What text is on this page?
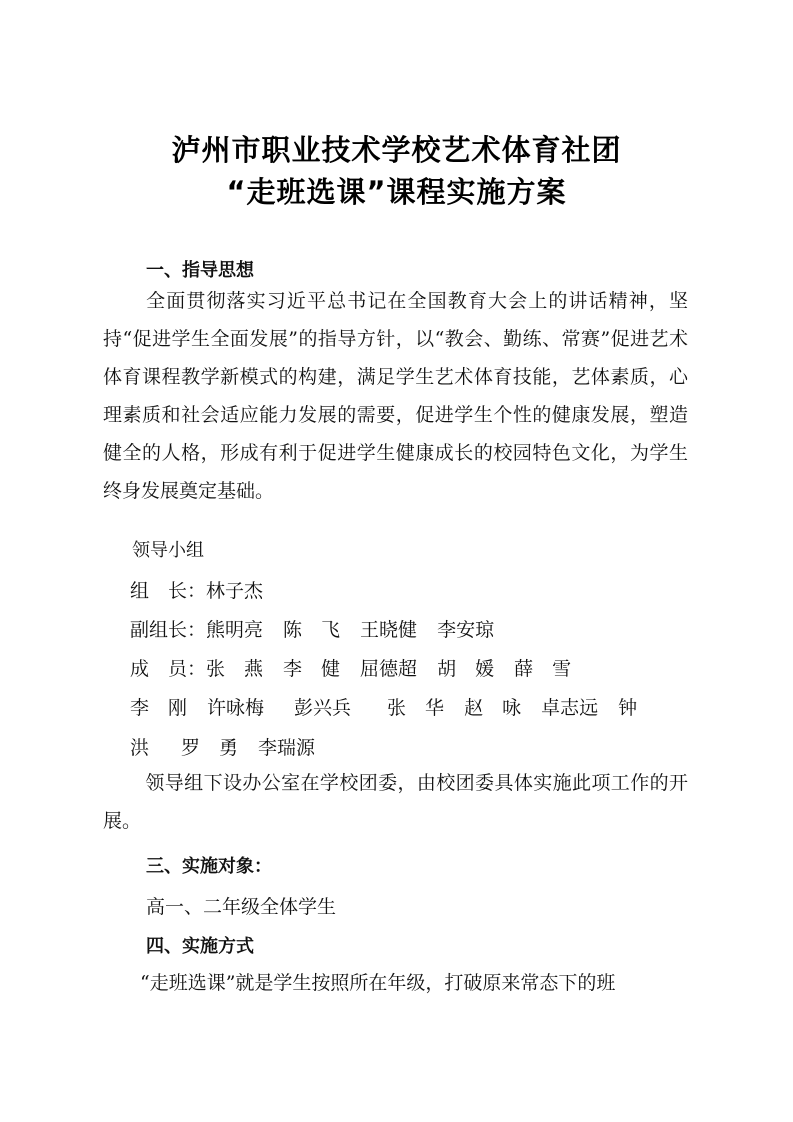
泸州市职业技术学校艺术体育社团
“走班选课”课程实施方案
一、指导思想
全面贯彻落实习近平总书记在全国教育大会上的讲话精神，坚持“促进学生全面发展”的指导方针，以“教会、勤练、常赛”促进艺术体育课程教学新模式的构建，满足学生艺术体育技能，艺体素质，心理素质和社会适应能力发展的需要，促进学生个性的健康发展，塑造健全的人格，形成有利于促进学生健康成长的校园特色文化，为学生终身发展奠定基础。
领导小组
组　长：林子杰
副组长：熊明亮 陈　飞 王晓健 李安琼
成　员：张　燕 李　健 屈德超 胡　媛 薛　雪
李　刚 许咏梅 彭兴兵 张　华 赵　咏 卓志远 钟
洪 罗　勇 李瑞源
领导组下设办公室在学校团委，由校团委具体实施此项工作的开展。
三、实施对象：
高一、二年级全体学生
四、实施方式
“走班选课”就是学生按照所在年级，打破原来常态下的班
